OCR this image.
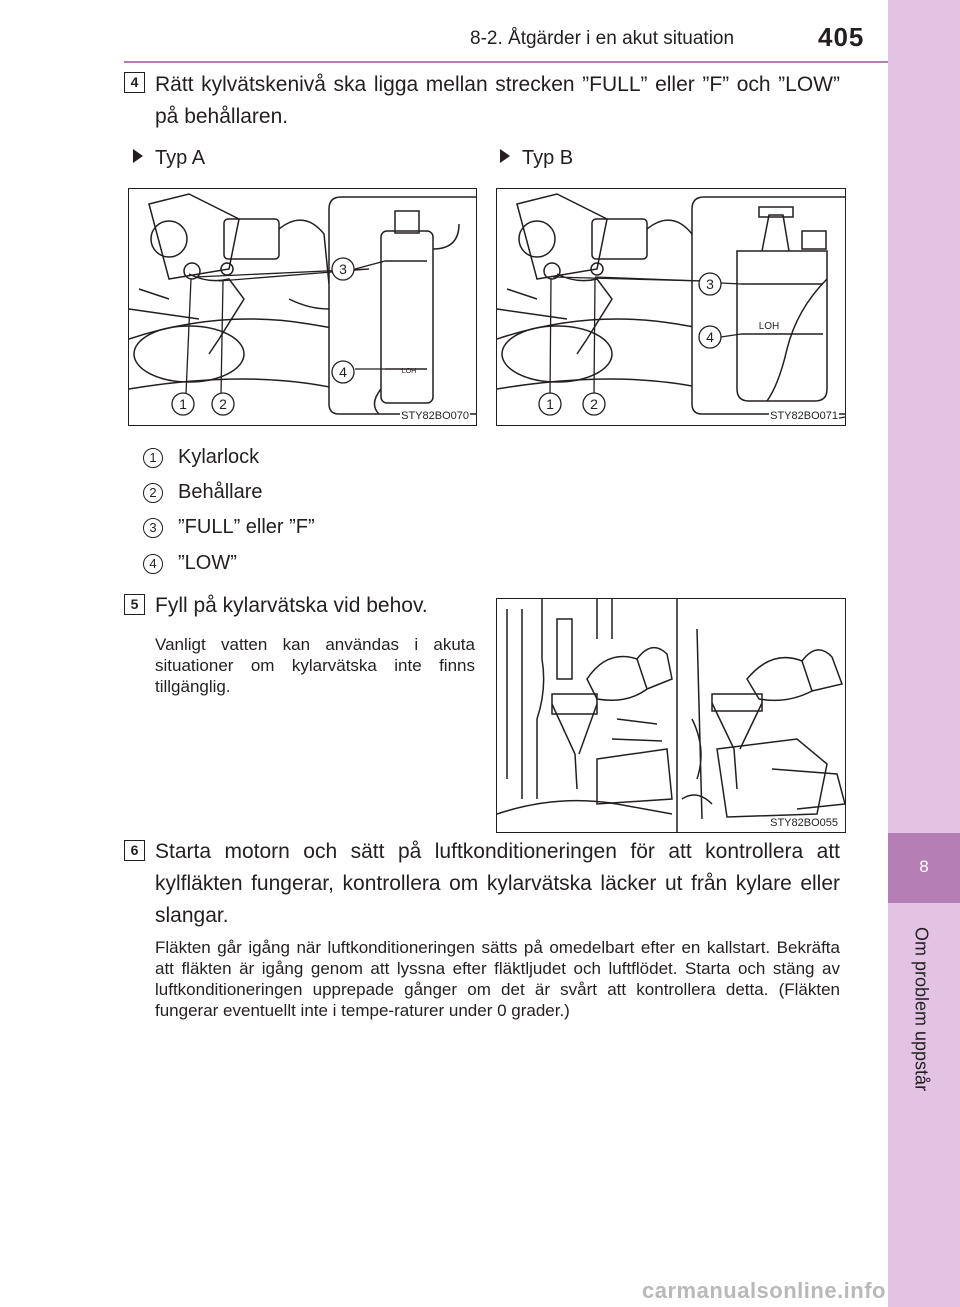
8
Om problem uppstår
8-2. Åtgärder i en akut situation	405
4 Rätt kylvätskenivå ska ligga mellan strecken ”FULL” eller ”F” och ”LOW” på behållaren.
Typ A	Typ B
1 2
3
4	LOH
STY82BO070
1	2
3
4
LOH
STY82BO071
1	Kylarlock
2	Behållare
3	”FULL” eller ”F”
4	”LOW”
5 Fyll på kylarvätska vid behov.
Vanligt vatten kan användas i akuta situationer om kylarvätska inte finns tillgänglig.
STY82BO055
6 Starta motorn och sätt på luftkonditioneringen för att kontrollera att kylfläkten fungerar, kontrollera om kylarvätska läcker ut från kylare eller slangar.
Fläkten går igång när luftkonditioneringen sätts på omedelbart efter en kallstart. Bekräfta att fläkten är igång genom att lyssna efter fläktljudet och luftflödet. Starta och stäng av luftkonditioneringen upprepade gånger om det är svårt att kontrollera detta. (Fläkten fungerar eventuellt inte i tempe-raturer under 0 grader.)
carmanualsonline.info
